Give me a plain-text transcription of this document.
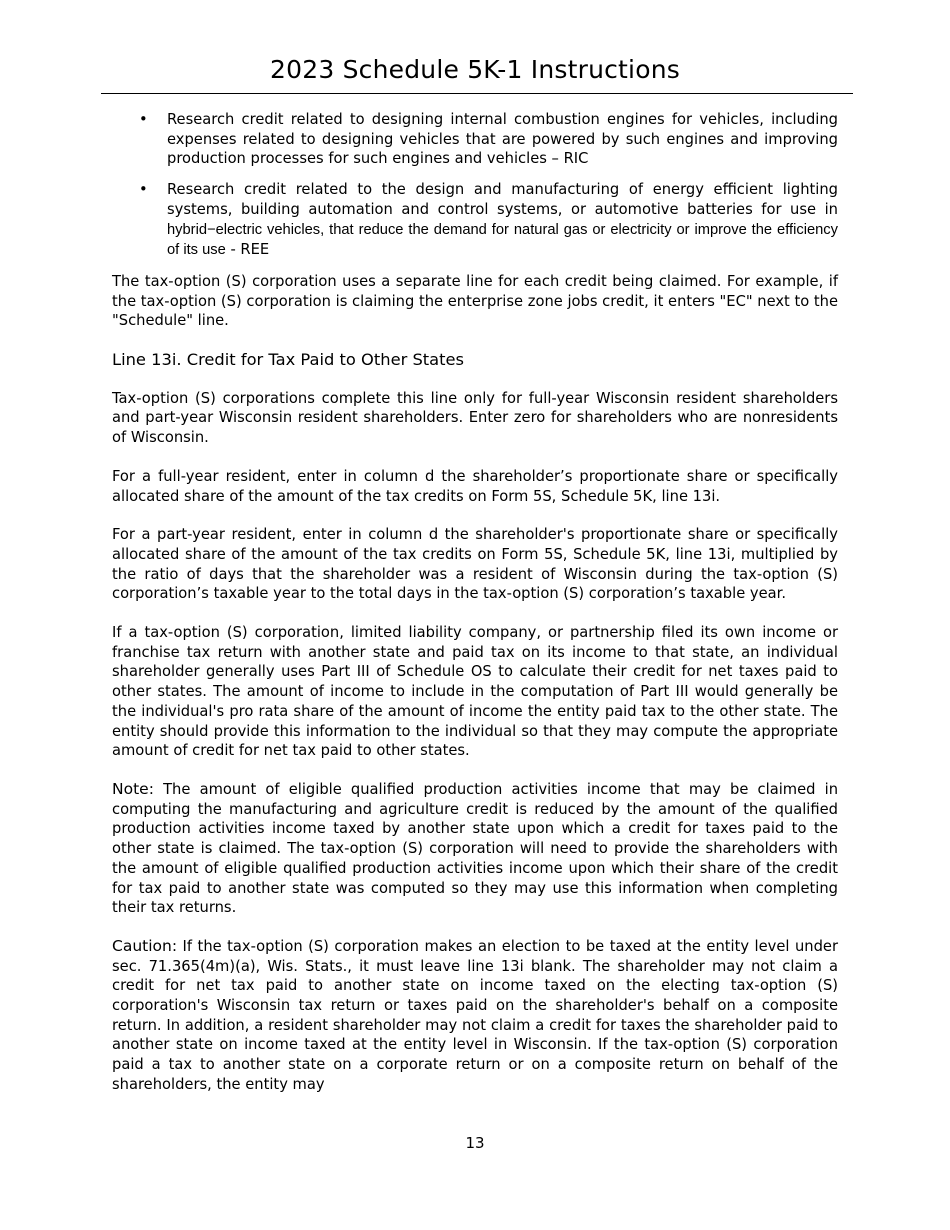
2023 Schedule 5K-1 Instructions
• Research credit related to designing internal combustion engines for vehicles, including expenses related to designing vehicles that are powered by such engines and improving production processes for such engines and vehicles – RIC
• Research credit related to the design and manufacturing of energy efficient lighting systems, building automation and control systems, or automotive batteries for use in hybrid−electric vehicles, that reduce the demand for natural gas or electricity or improve the efficiency of its use - REE

The tax-option (S) corporation uses a separate line for each credit being claimed. For example, if the tax-option (S) corporation is claiming the enterprise zone jobs credit, it enters "EC" next to the "Schedule" line.

Line 13i. Credit for Tax Paid to Other States

Tax-option (S) corporations complete this line only for full-year Wisconsin resident shareholders and part-year Wisconsin resident shareholders. Enter zero for shareholders who are nonresidents of Wisconsin.

For a full-year resident, enter in column d the shareholder’s proportionate share or specifically allocated share of the amount of the tax credits on Form 5S, Schedule 5K, line 13i.

For a part-year resident, enter in column d the shareholder's proportionate share or specifically allocated share of the amount of the tax credits on Form 5S, Schedule 5K, line 13i, multiplied by the ratio of days that the shareholder was a resident of Wisconsin during the tax-option (S) corporation’s taxable year to the total days in the tax-option (S) corporation’s taxable year.

If a tax-option (S) corporation, limited liability company, or partnership filed its own income or franchise tax return with another state and paid tax on its income to that state, an individual shareholder generally uses Part III of Schedule OS to calculate their credit for net taxes paid to other states. The amount of income to include in the computation of Part III would generally be the individual's pro rata share of the amount of income the entity paid tax to the other state. The entity should provide this information to the individual so that they may compute the appropriate amount of credit for net tax paid to other states.

Note: The amount of eligible qualified production activities income that may be claimed in computing the manufacturing and agriculture credit is reduced by the amount of the qualified production activities income taxed by another state upon which a credit for taxes paid to the other state is claimed. The tax-option (S) corporation will need to provide the shareholders with the amount of eligible qualified production activities income upon which their share of the credit for tax paid to another state was computed so they may use this information when completing their tax returns.

Caution: If the tax-option (S) corporation makes an election to be taxed at the entity level under sec. 71.365(4m)(a), Wis. Stats., it must leave line 13i blank. The shareholder may not claim a credit for net tax paid to another state on income taxed on the electing tax-option (S) corporation's Wisconsin tax return or taxes paid on the shareholder's behalf on a composite return. In addition, a resident shareholder may not claim a credit for taxes the shareholder paid to another state on income taxed at the entity level in Wisconsin. If the tax-option (S) corporation paid a tax to another state on a corporate return or on a composite return on behalf of the shareholders, the entity may

13
